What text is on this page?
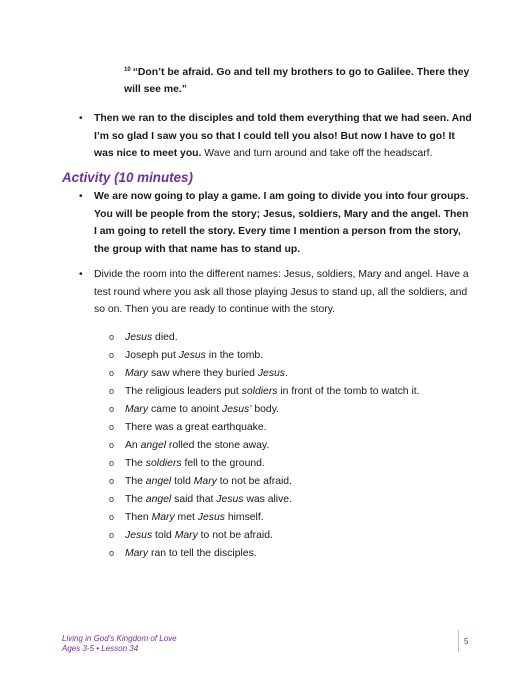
$^{10}$ “Don’t be afraid. Go and tell my brothers to go to Galilee. There they will see me.”
•	Then we ran to the disciples and told them everything that we had seen. And I’m so glad I saw you so that I could tell you also! But now I have to go! It was nice to meet you. Wave and turn around and take off the headscarf.
Activity (10 minutes)
•	We are now going to play a game. I am going to divide you into four groups. You will be people from the story; Jesus, soldiers, Mary and the angel. Then I am going to retell the story. Every time I mention a person from the story, the group with that name has to stand up.
•	Divide the room into the different names: Jesus, soldiers, Mary and angel. Have a test round where you ask all those playing Jesus to stand up, all the soldiers, and so on. Then you are ready to continue with the story.
o Jesus died.
o Joseph put Jesus in the tomb.
o Mary saw where they buried Jesus.
o The religious leaders put soldiers in front of the tomb to watch it.
o Mary came to anoint Jesus’ body.
o There was a great earthquake.
o An angel rolled the stone away.
o The soldiers fell to the ground.
o The angel told Mary to not be afraid.
o The angel said that Jesus was alive.
o Then Mary met Jesus himself.
o Jesus told Mary to not be afraid.
o Mary ran to tell the disciples.
Living in God’s Kingdom of Love
Ages 3-5 • Lesson 34
5
